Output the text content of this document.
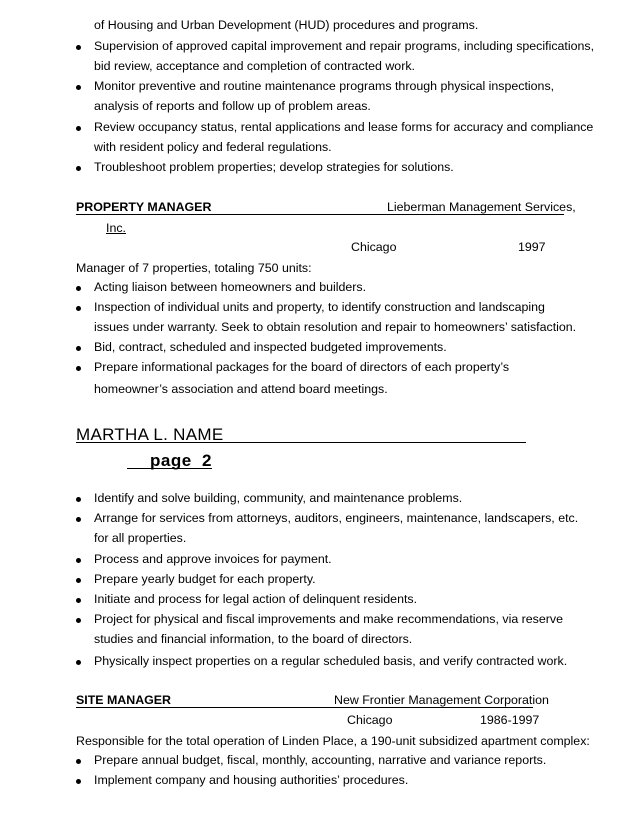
of Housing and Urban Development (HUD) procedures and programs.
Supervision of approved capital improvement and repair programs, including specifications,
bid review, acceptance and completion of contracted work.
Monitor preventive and routine maintenance programs through physical inspections,
analysis of reports and follow up of problem areas.
Review occupancy status, rental applications and lease forms for accuracy and compliance
with resident policy and federal regulations.
Troubleshoot problem properties; develop strategies for solutions.
PROPERTY MANAGER	Lieberman Management Services,
Inc.
Chicago	1997
Manager of 7 properties, totaling 750 units:
Acting liaison between homeowners and builders.
Inspection of individual units and property, to identify construction and landscaping
issues under warranty. Seek to obtain resolution and repair to homeowners’ satisfaction.
Bid, contract, scheduled and inspected budgeted improvements.
Prepare informational packages for the board of directors of each property’s
homeowner’s association and attend board meetings.
MARTHA L. NAME
page 2
Identify and solve building, community, and maintenance problems.
Arrange for services from attorneys, auditors, engineers, maintenance, landscapers, etc.
for all properties.
Process and approve invoices for payment.
Prepare yearly budget for each property.
Initiate and process for legal action of delinquent residents.
Project for physical and fiscal improvements and make recommendations, via reserve
studies and financial information, to the board of directors.
Physically inspect properties on a regular scheduled basis, and verify contracted work.
SITE MANAGER	New Frontier Management Corporation
Chicago	1986-1997
Responsible for the total operation of Linden Place, a 190-unit subsidized apartment complex:
Prepare annual budget, fiscal, monthly, accounting, narrative and variance reports.
Implement company and housing authorities’ procedures.
